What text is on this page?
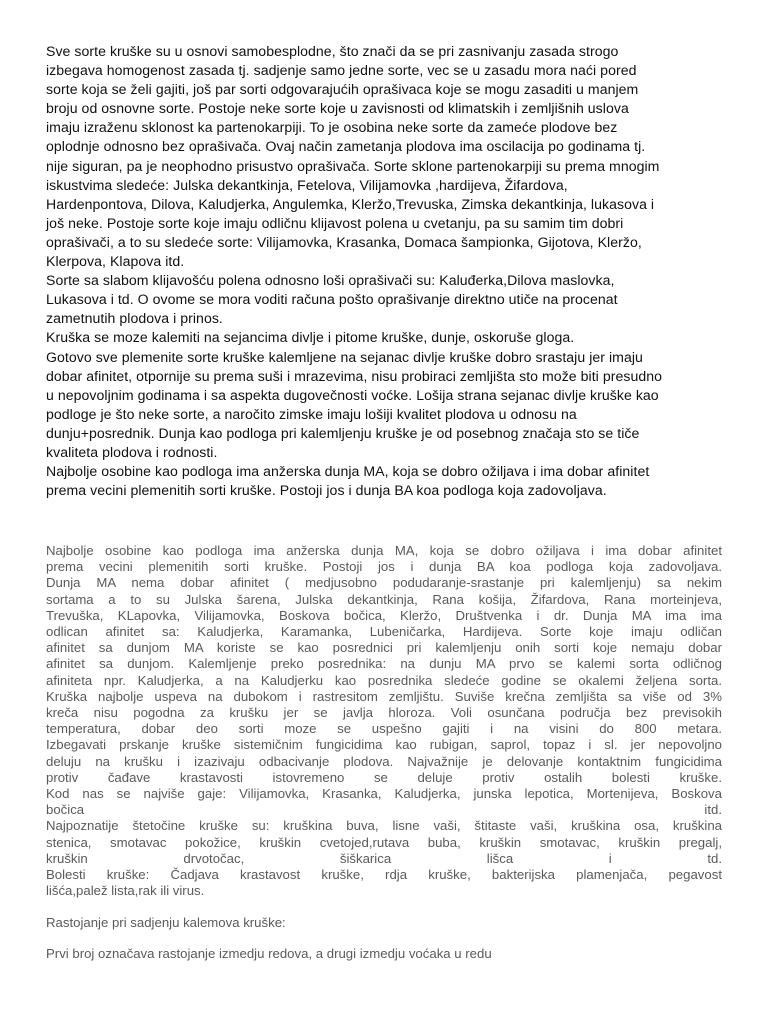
Sve sorte kruške su u osnovi samobesplodne, što znači da se pri zasnivanju zasada strogo
izbegava homogenost zasada tj. sadjenje samo jedne sorte, vec se u zasadu mora naći pored
sorte koja se želi gajiti, još par sorti odgovarajućih oprašivaca koje se mogu zasaditi u manjem
broju od osnovne sorte. Postoje neke sorte koje u zavisnosti od klimatskih i zemljišnih uslova
imaju izraženu sklonost ka partenokarpiji. To je osobina neke sorte da zameće plodove bez
oplodnje odnosno bez oprašivača. Ovaj način zametanja plodova ima oscilacija po godinama tj.
nije siguran, pa je neophodno prisustvo oprašivača. Sorte sklone partenokarpiji su prema mnogim
iskustvima sledeće: Julska dekantkinja, Fetelova, Vilijamovka ,hardijeva, Žifardova,
Hardenpontova, Dilova, Kaludjerka, Angulemka, Kleržo,Trevuska, Zimska dekantkinja, lukasova i
još neke. Postoje sorte koje imaju odličnu klijavost polena u cvetanju, pa su samim tim dobri
oprašivači, a to su sledeće sorte: Vilijamovka, Krasanka, Domaca šampionka, Gijotova, Kleržo,
Klerpova, Klapova itd.
Sorte sa slabom klijavošću polena odnosno loši oprašivači su: Kaluđerka,Dilova maslovka,
Lukasova i td. O ovome se mora voditi računa pošto oprašivanje direktno utiče na procenat
zametnutih plodova i prinos.
Kruška se moze kalemiti na sejancima divlje i pitome kruške, dunje, oskoruše gloga.
Gotovo sve plemenite sorte kruške kalemljene na sejanac divlje kruške dobro srastaju jer imaju
dobar afinitet, otpornije su prema suši i mrazevima, nisu probiraci zemljišta sto može biti presudno
u nepovoljnim godinama i sa aspekta dugovečnosti voćke. Lošija strana sejanac divlje kruške kao
podloge je što neke sorte, a naročito zimske imaju lošiji kvalitet plodova u odnosu na
dunju+posrednik. Dunja kao podloga pri kalemljenju kruške je od posebnog značaja sto se tiče
kvaliteta plodova i rodnosti.
Najbolje osobine kao podloga ima anžerska dunja MA, koja se dobro ožiljava i ima dobar afinitet
prema vecini plemenitih sorti kruške. Postoji jos i dunja BA koa podloga koja zadovoljava.
Najbolje osobine kao podloga ima anžerska dunja MA, koja se dobro ožiljava i ima dobar afinitet
prema vecini plemenitih sorti kruške. Postoji jos i dunja BA koa podloga koja zadovoljava.
Dunja MA nema dobar afinitet ( medjusobno podudaranje-srastanje pri kalemljenju) sa nekim
sortama a to su Julska šarena, Julska dekantkinja, Rana košija, Žifardova, Rana morteinjeva,
Trevuška, KLapovka, Vilijamovka, Boskova bočica, Kleržo, Društvenka i dr. Dunja MA ima ima
odlican afinitet sa: Kaludjerka, Karamanka, Lubeničarka, Hardijeva. Sorte koje imaju odličan
afinitet sa dunjom MA koriste se kao posrednici pri kalemljenju onih sorti koje nemaju dobar
afinitet sa dunjom. Kalemljenje preko posrednika: na dunju MA prvo se kalemi sorta odličnog
afiniteta npr. Kaludjerka, a na Kaludjerku kao posrednika sledeće godine se okalemi željena sorta.
Kruška najbolje uspeva na dubokom i rastresitom zemljištu. Suviše krečna zemljišta sa više od 3%
kreča nisu pogodna za krušku jer se javlja hloroza. Voli osunčana područja bez previsokih
temperatura, dobar deo sorti moze se uspešno gajiti i na visini do 800 metara.
Izbegavati prskanje kruške sistemičnim fungicidima kao rubigan, saprol, topaz i sl. jer nepovoljno
deluju na krušku i izazivaju odbacivanje plodova. Najvažnije je delovanje kontaktnim fungicidima
protiv čađave krastavosti istovremeno se deluje protiv ostalih bolesti kruške.
Kod nas se najviše gaje: Vilijamovka, Krasanka, Kaludjerka, junska lepotica, Mortenijeva, Boskova
bočica itd.
Najpoznatije štetočine kruške su: kruškina buva, lisne vaši, štitaste vaši, kruškina osa, kruškina
stenica, smotavac pokožice, kruškin cvetojed,rutava buba, kruškin smotavac, kruškin pregalj,
kruškin drvotočac, šiškarica lišca i td.
Bolesti kruške: Čadjava krastavost kruške, rdja kruške, bakterijska plamenjača, pegavost
lišća,palež lista,rak ili virus.
Rastojanje pri sadjenju kalemova kruške:
Prvi broj označava rastojanje izmedju redova, a drugi izmedju voćaka u redu
